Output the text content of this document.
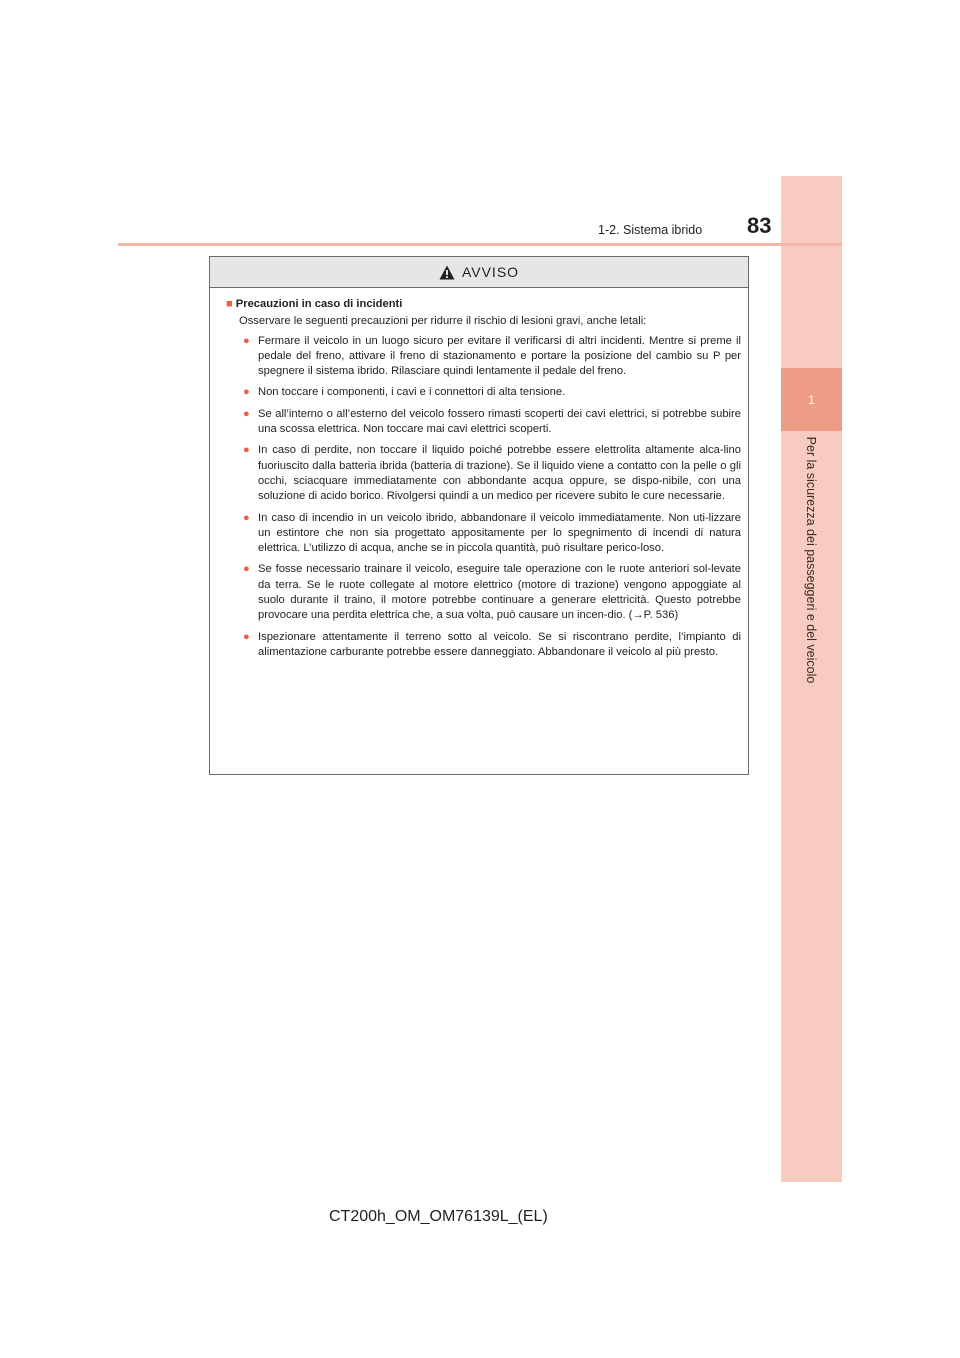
1
Per la sicurezza dei passeggeri e del veicolo
1-2. Sistema ibrido 83
AVVISO
■ Precauzioni in caso di incidenti
Osservare le seguenti precauzioni per ridurre il rischio di lesioni gravi, anche letali:
● Fermare il veicolo in un luogo sicuro per evitare il verificarsi di altri incidenti. Mentre si preme il pedale del freno, attivare il freno di stazionamento e portare la posizione del cambio su P per spegnere il sistema ibrido. Rilasciare quindi lentamente il pedale del freno.
● Non toccare i componenti, i cavi e i connettori di alta tensione.
● Se all’interno o all’esterno del veicolo fossero rimasti scoperti dei cavi elettrici, si potrebbe subire una scossa elettrica. Non toccare mai cavi elettrici scoperti.
● In caso di perdite, non toccare il liquido poiché potrebbe essere elettrolita altamente alca-lino fuoriuscito dalla batteria ibrida (batteria di trazione). Se il liquido viene a contatto con la pelle o gli occhi, sciacquare immediatamente con abbondante acqua oppure, se dispo-nibile, con una soluzione di acido borico. Rivolgersi quindi a un medico per ricevere subito le cure necessarie.
● In caso di incendio in un veicolo ibrido, abbandonare il veicolo immediatamente. Non uti-lizzare un estintore che non sia progettato appositamente per lo spegnimento di incendi di natura elettrica. L’utilizzo di acqua, anche se in piccola quantità, può risultare perico-loso.
● Se fosse necessario trainare il veicolo, eseguire tale operazione con le ruote anteriori sol-levate da terra. Se le ruote collegate al motore elettrico (motore di trazione) vengono appoggiate al suolo durante il traino, il motore potrebbe continuare a generare elettricità. Questo potrebbe provocare una perdita elettrica che, a sua volta, può causare un incen-dio. (→P. 536)
● Ispezionare attentamente il terreno sotto al veicolo. Se si riscontrano perdite, l’impianto di alimentazione carburante potrebbe essere danneggiato. Abbandonare il veicolo al più presto.
CT200h_OM_OM76139L_(EL)
